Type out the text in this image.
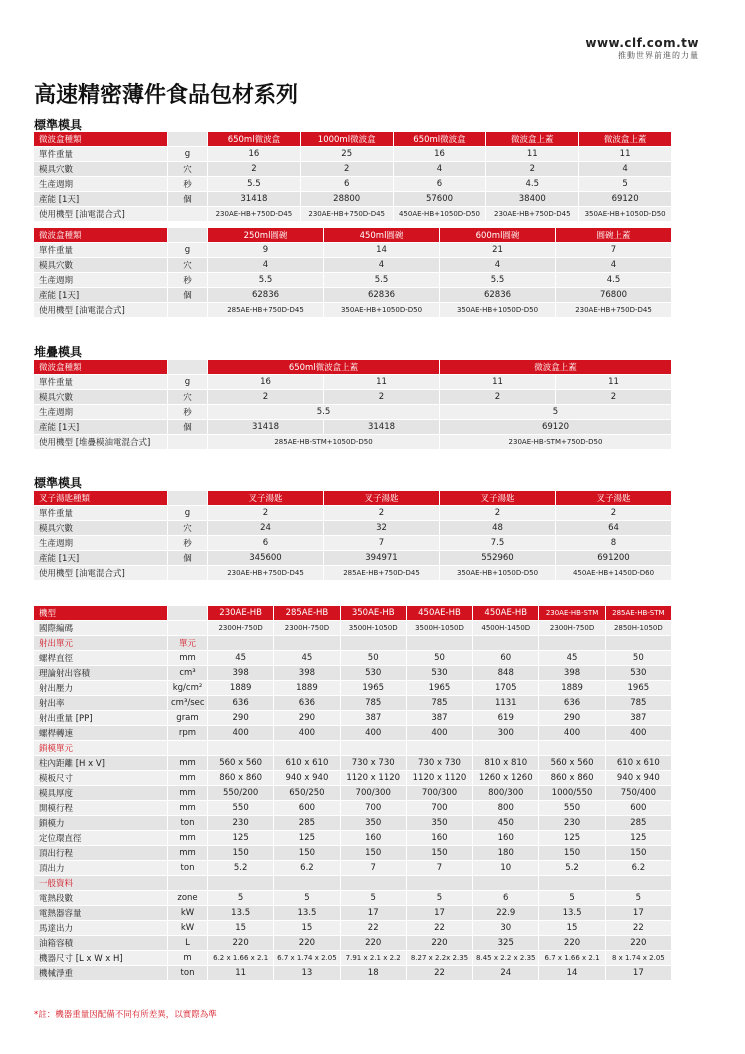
www.clf.com.tw
推動世界前進的力量
高速精密薄件食品包材系列
標準模具
微波盒種類		650ml微波盒	1000ml微波盒	650ml微波盒	微波盒上蓋	微波盒上蓋
單件重量	g	16	25	16	11	11
模具穴數	穴	2	2	4	2	4
生產週期	秒	5.5	6	6	4.5	5
產能 [1天]	個	31418	28800	57600	38400	69120
使用機型 [油電混合式]		230AE-HB+750D-D45	230AE-HB+750D-D45	450AE-HB+1050D-D50	230AE-HB+750D-D45	350AE-HB+1050D-D50
微波盒種類		250ml圓碗	450ml圓碗	600ml圓碗	圓碗上蓋
單件重量	g	9	14	21	7
模具穴數	穴	4	4	4	4
生產週期	秒	5.5	5.5	5.5	4.5
產能 [1天]	個	62836	62836	62836	76800
使用機型 [油電混合式]		285AE-HB+750D-D45	350AE-HB+1050D-D50	350AE-HB+1050D-D50	230AE-HB+750D-D45
堆疊模具
微波盒種類		650ml微波盒上蓋		微波盒上蓋	
單件重量	g	16	11	11	11
模具穴數	穴	2	2	2	2
生產週期	秒	5.5		5	
產能 [1天]	個	31418	31418	69120	
使用機型 [堆疊模油電混合式]		285AE-HB-STM+1050D-D50		230AE-HB-STM+750D-D50	
標準模具
叉子湯匙種類		叉子湯匙	叉子湯匙	叉子湯匙	叉子湯匙
單件重量	g	2	2	2	2
模具穴數	穴	24	32	48	64
生產週期	秒	6	7	7.5	8
產能 [1天]	個	345600	394971	552960	691200
使用機型 [油電混合式]		230AE-HB+750D-D45	285AE-HB+750D-D45	350AE-HB+1050D-D50	450AE-HB+1450D-D60
機型		230AE-HB	285AE-HB	350AE-HB	450AE-HB	450AE-HB	230AE-HB-STM	285AE-HB-STM
國際編碼		2300H-750D	2300H-750D	3500H-1050D	3500H-1050D	4500H-1450D	2300H-750D	2850H-1050D
射出單元	單元							
螺桿直徑	mm	45	45	50	50	60	45	50
理論射出容積	cm³	398	398	530	530	848	398	530
射出壓力	kg/cm²	1889	1889	1965	1965	1705	1889	1965
射出率	cm³/sec	636	636	785	785	1131	636	785
射出重量 [PP]	gram	290	290	387	387	619	290	387
螺桿轉速	rpm	400	400	400	400	300	400	400
鎖模單元								
柱內距離 [H x V]	mm	560 x 560	610 x 610	730 x 730	730 x 730	810 x 810	560 x 560	610 x 610
模板尺寸	mm	860 x 860	940 x 940	1120 x 1120	1120 x 1120	1260 x 1260	860 x 860	940 x 940
模具厚度	mm	550/200	650/250	700/300	700/300	800/300	1000/550	750/400
開模行程	mm	550	600	700	700	800	550	600
鎖模力	ton	230	285	350	350	450	230	285
定位環直徑	mm	125	125	160	160	160	125	125
頂出行程	mm	150	150	150	150	180	150	150
頂出力	ton	5.2	6.2	7	7	10	5.2	6.2
一般資料								
電熱段數	zone	5	5	5	5	6	5	5
電熱器容量	kW	13.5	13.5	17	17	22.9	13.5	17
馬達出力	kW	15	15	22	22	30	15	22
油箱容積	L	220	220	220	220	325	220	220
機器尺寸 [L x W x H]	m	6.2 x 1.66 x 2.1	6.7 x 1.74 x 2.05	7.91 x 2.1 x 2.2	8.27 x 2.2x 2.35	8.45 x 2.2 x 2.35	6.7 x 1.66 x 2.1	8 x 1.74 x 2.05
機械淨重	ton	11	13	18	22	24	14	17
*註：機器重量因配備不同有所差異，以實際為準
